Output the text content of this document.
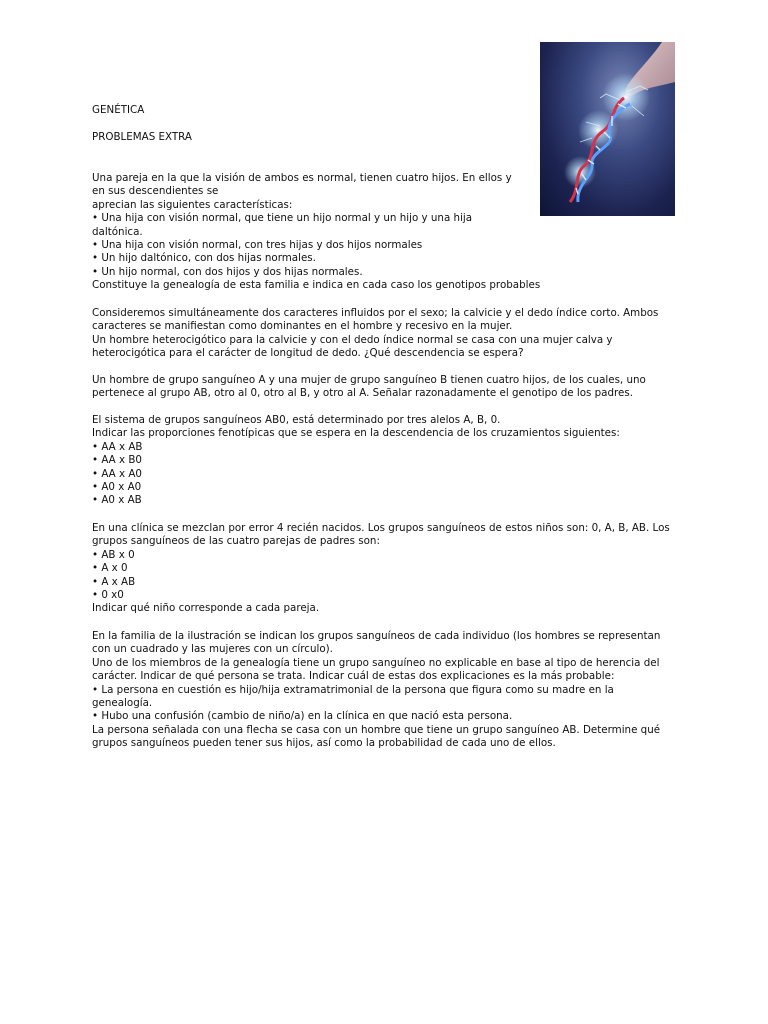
GENÉTICA
PROBLEMAS EXTRA
Una pareja en la que la visión de ambos es normal, tienen cuatro hijos. En ellos y
en sus descendientes se
aprecian las siguientes características:
• Una hija con visión normal, que tiene un hijo normal y un hijo y una hija
daltónica.
• Una hija con visión normal, con tres hijas y dos hijos normales
• Un hijo daltónico, con dos hijas normales.
• Un hijo normal, con dos hijos y dos hijas normales.
Constituye la genealogía de esta familia e indica en cada caso los genotipos probables
Consideremos simultáneamente dos caracteres influidos por el sexo; la calvicie y el dedo índice corto. Ambos
caracteres se manifiestan como dominantes en el hombre y recesivo en la mujer.
Un hombre heterocigótico para la calvicie y con el dedo índice normal se casa con una mujer calva y
heterocigótica para el carácter de longitud de dedo. ¿Qué descendencia se espera?
Un hombre de grupo sanguíneo A y una mujer de grupo sanguíneo B tienen cuatro hijos, de los cuales, uno
pertenece al grupo AB, otro al 0, otro al B, y otro al A. Señalar razonadamente el genotipo de los padres.
El sistema de grupos sanguíneos AB0, está determinado por tres alelos A, B, 0.
Indicar las proporciones fenotípicas que se espera en la descendencia de los cruzamientos siguientes:
• AA x AB
• AA x B0
• AA x A0
• A0 x A0
• A0 x AB
En una clínica se mezclan por error 4 recién nacidos. Los grupos sanguíneos de estos niños son: 0, A, B, AB. Los
grupos sanguíneos de las cuatro parejas de padres son:
• AB x 0
• A x 0
• A x AB
• 0 x0
Indicar qué niño corresponde a cada pareja.
En la familia de la ilustración se indican los grupos sanguíneos de cada individuo (los hombres se representan
con un cuadrado y las mujeres con un círculo).
Uno de los miembros de la genealogía tiene un grupo sanguíneo no explicable en base al tipo de herencia del
carácter. Indicar de qué persona se trata. Indicar cuál de estas dos explicaciones es la más probable:
• La persona en cuestión es hijo/hija extramatrimonial de la persona que figura como su madre en la
genealogía.
• Hubo una confusión (cambio de niño/a) en la clínica en que nació esta persona.
La persona señalada con una flecha se casa con un hombre que tiene un grupo sanguíneo AB. Determine qué
grupos sanguíneos pueden tener sus hijos, así como la probabilidad de cada uno de ellos.
